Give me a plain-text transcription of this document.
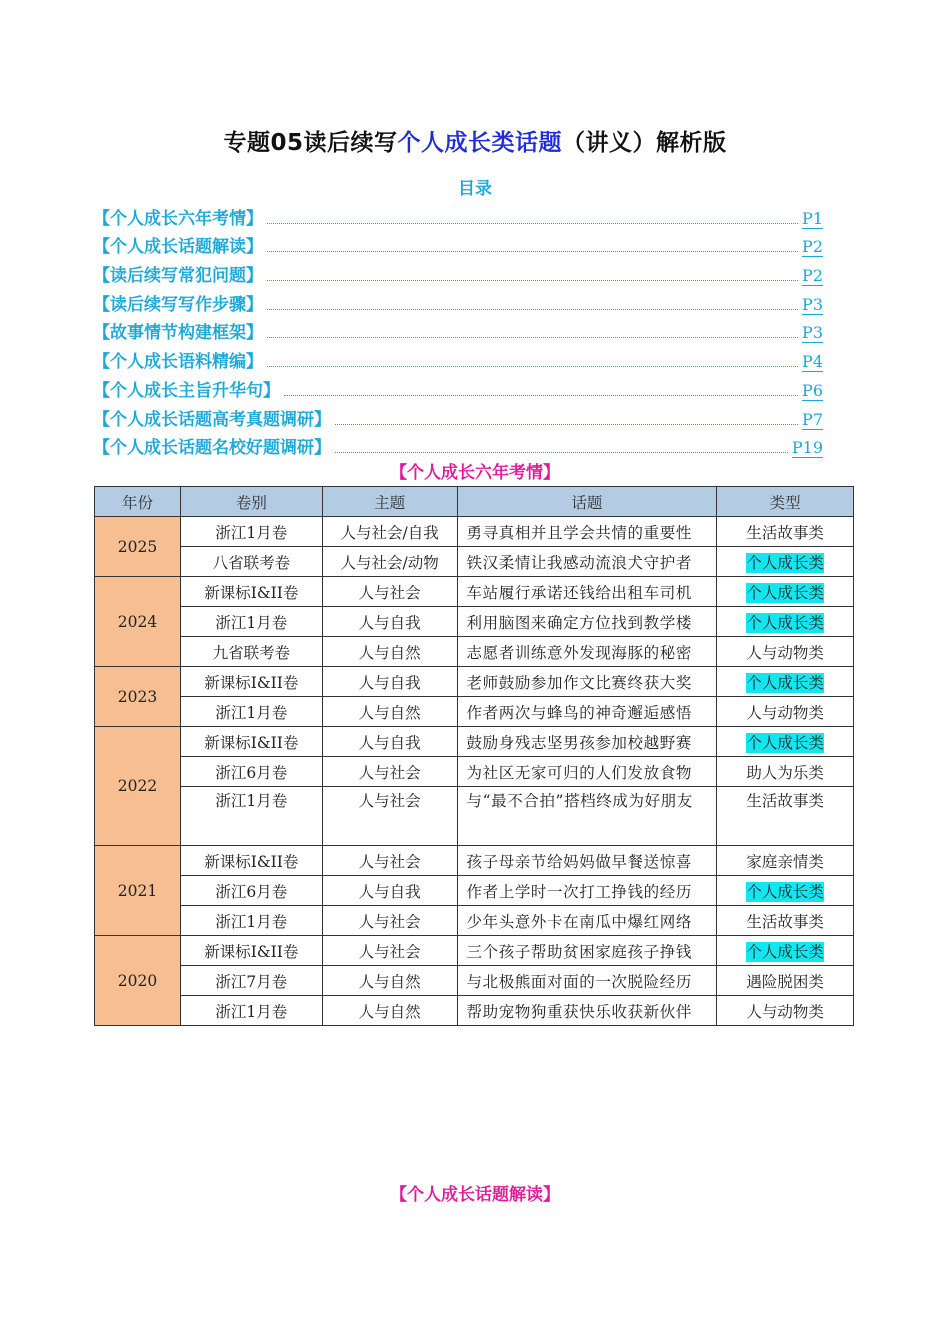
专题05读后续写个人成长类话题（讲义）解析版
目录
【个人成长六年考情】	P1
【个人成长话题解读】	P2
【读后续写常犯问题】	P2
【读后续写写作步骤】	P3
【故事情节构建框架】	P3
【个人成长语料精编】	P4
【个人成长主旨升华句】	P6
【个人成长话题高考真题调研】	P7
【个人成长话题名校好题调研】	P19
【个人成长六年考情】
年份	卷别	主题	话题	类型
2025	浙江1月卷	人与社会/自我	勇寻真相并且学会共情的重要性	生活故事类
	八省联考卷	人与社会/动物	铁汉柔情让我感动流浪犬守护者	个人成长类
2024	新课标I&II卷	人与社会	车站履行承诺还钱给出租车司机	个人成长类
	浙江1月卷	人与自我	利用脑图来确定方位找到教学楼	个人成长类
	九省联考卷	人与自然	志愿者训练意外发现海豚的秘密	人与动物类
2023	新课标I&II卷	人与自我	老师鼓励参加作文比赛终获大奖	个人成长类
	浙江1月卷	人与自然	作者两次与蜂鸟的神奇邂逅感悟	人与动物类
2022	新课标I&II卷	人与自我	鼓励身残志坚男孩参加校越野赛	个人成长类
	浙江6月卷	人与社会	为社区无家可归的人们发放食物	助人为乐类
	浙江1月卷	人与社会	与“最不合拍”搭档终成为好朋友	生活故事类
2021	新课标I&II卷	人与社会	孩子母亲节给妈妈做早餐送惊喜	家庭亲情类
	浙江6月卷	人与自我	作者上学时一次打工挣钱的经历	个人成长类
	浙江1月卷	人与社会	少年头意外卡在南瓜中爆红网络	生活故事类
2020	新课标I&II卷	人与社会	三个孩子帮助贫困家庭孩子挣钱	个人成长类
	浙江7月卷	人与自然	与北极熊面对面的一次脱险经历	遇险脱困类
	浙江1月卷	人与自然	帮助宠物狗重获快乐收获新伙伴	人与动物类
【个人成长话题解读】
